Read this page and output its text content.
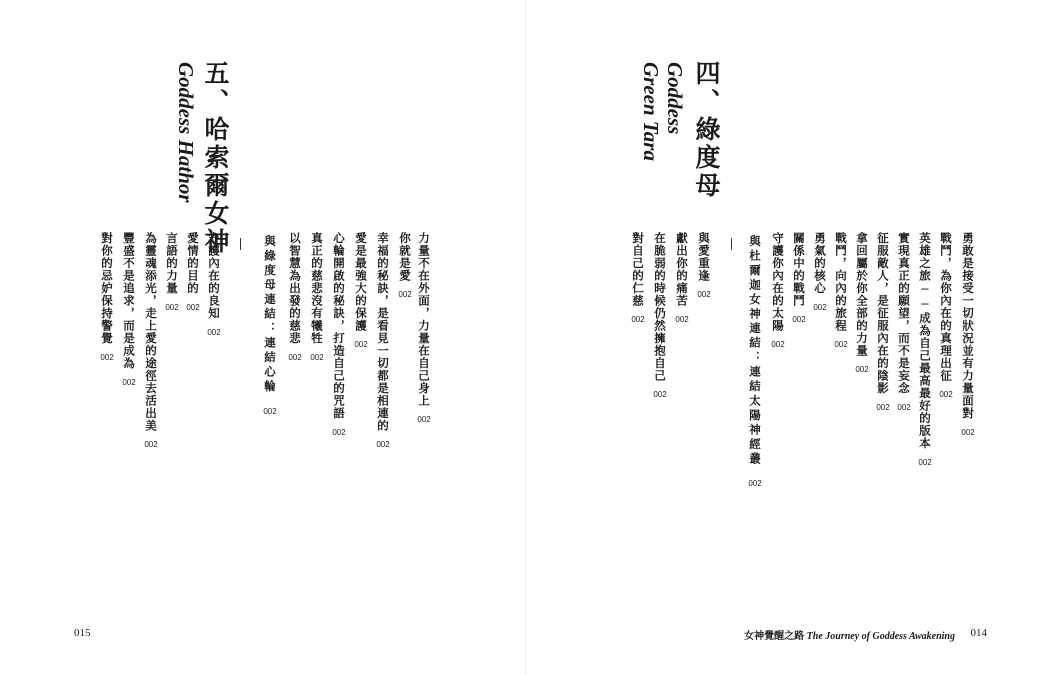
五、哈索爾女神
Goddess Hathor
力量不在外面，力量在自己身上002
你就是愛002
幸福的秘訣，是看見一切都是相連的002
愛是最強大的保護002
心輪開啟的秘訣，打造自己的咒語002
真正的慈悲沒有犧牲002
以智慧為出發的慈悲002
與綠度母連結：連結心輪002
守護內在的良知002
愛情的目的002
言語的力量002
為靈魂添光，走上愛的途徑去活出美002
豐盛不是追求，而是成為002
對你的忌妒保持警覺002
015
四、綠度母
Goddess
Green Tara
勇敢是接受一切狀況並有力量面對002
戰鬥，為你內在的真理出征002
英雄之旅──成為自己最高最好的版本002
實現真正的願望，而不是妄念002
征服敵人，是征服內在的陰影002
拿回屬於你全部的力量002
戰鬥，向內的旅程002
勇氣的核心002
關係中的戰鬥002
守護你內在的太陽002
與杜爾迦女神連結：連結太陽神經叢002
與愛重逢002
獻出你的痛苦002
在脆弱的時候仍然擁抱自己002
對自己的仁慈002
女神覺醒之路 The Journey of Goddess Awakening 014
